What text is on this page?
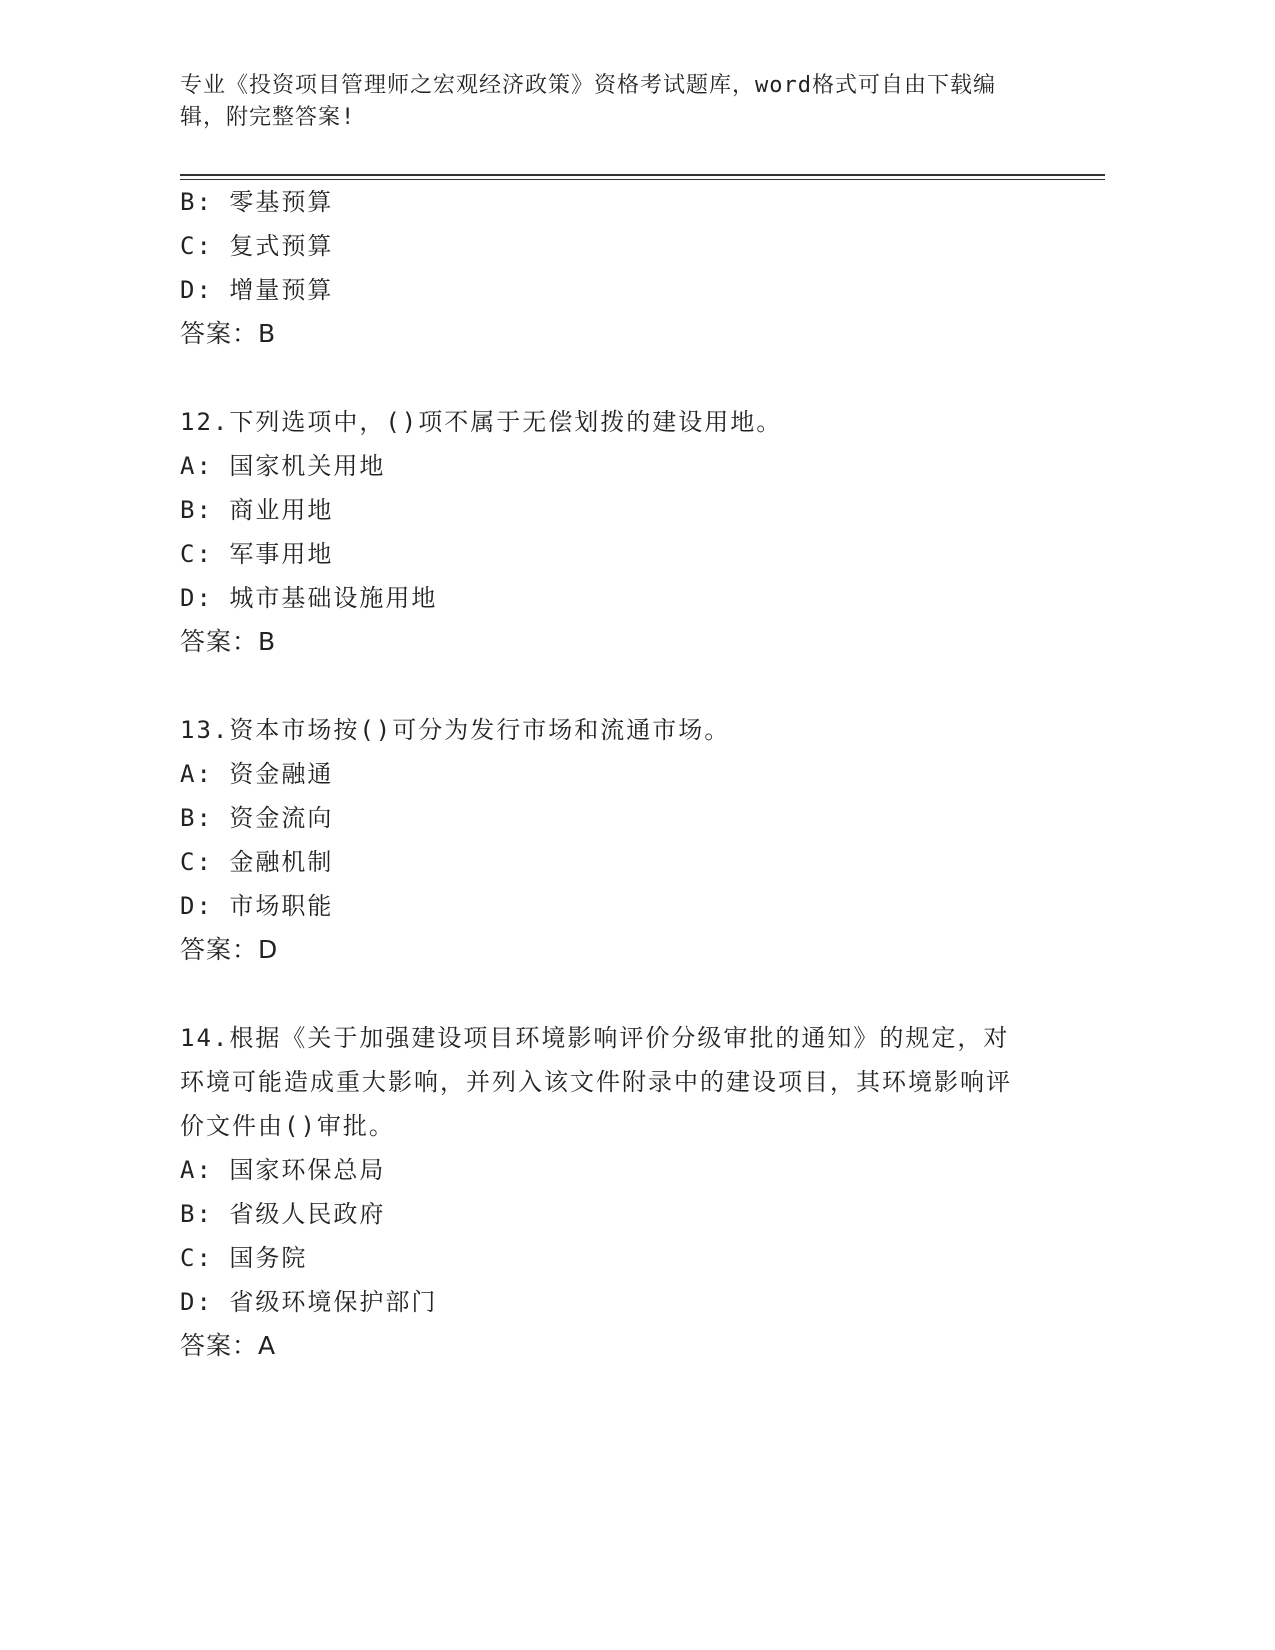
专业《投资项目管理师之宏观经济政策》资格考试题库，word格式可自由下载编辑，附完整答案!
B: 零基预算
C: 复式预算
D: 增量预算
答案：B
12.下列选项中，()项不属于无偿划拨的建设用地。
A: 国家机关用地
B: 商业用地
C: 军事用地
D: 城市基础设施用地
答案：B
13.资本市场按()可分为发行市场和流通市场。
A: 资金融通
B: 资金流向
C: 金融机制
D: 市场职能
答案：D
14.根据《关于加强建设项目环境影响评价分级审批的通知》的规定，对环境可能造成重大影响，并列入该文件附录中的建设项目，其环境影响评价文件由()审批。
A: 国家环保总局
B: 省级人民政府
C: 国务院
D: 省级环境保护部门
答案：A
